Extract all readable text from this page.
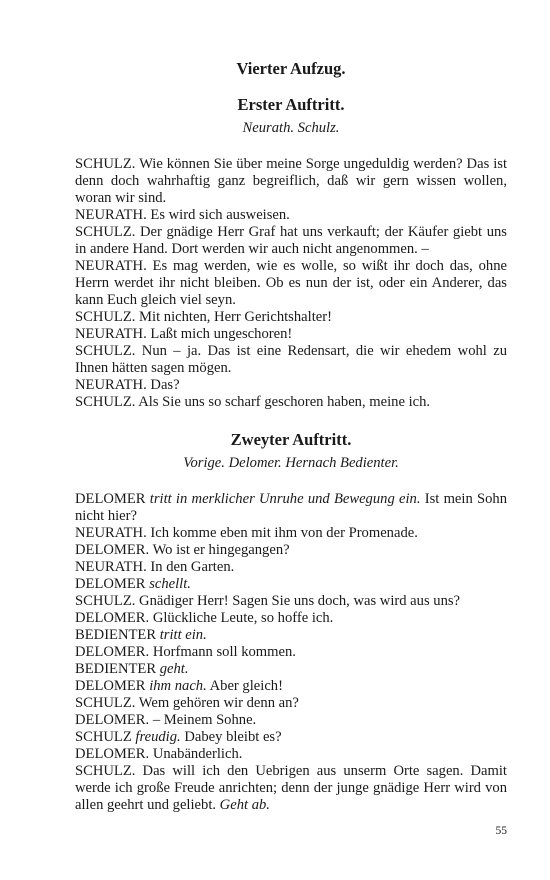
Vierter Aufzug.
Erster Auftritt.
Neurath. Schulz.

SCHULZ. Wie können Sie über meine Sorge ungeduldig werden? Das ist denn doch wahrhaftig ganz begreiflich, daß wir gern wissen wollen, woran wir sind.

NEURATH. Es wird sich ausweisen.

SCHULZ. Der gnädige Herr Graf hat uns verkauft; der Käufer giebt uns in andere Hand. Dort werden wir auch nicht angenommen. –

NEURATH. Es mag werden, wie es wolle, so wißt ihr doch das, ohne Herrn werdet ihr nicht bleiben. Ob es nun der ist, oder ein Anderer, das kann Euch gleich viel seyn.

SCHULZ. Mit nichten, Herr Gerichtshalter!

NEURATH. Laßt mich ungeschoren!

SCHULZ. Nun – ja. Das ist eine Redensart, die wir ehedem wohl zu Ihnen hätten sagen mögen.

NEURATH. Das?

SCHULZ. Als Sie uns so scharf geschoren haben, meine ich.

Zweyter Auftritt.
Vorige. Delomer. Hernach Bedienter.

DELOMER tritt in merklicher Unruhe und Bewegung ein. Ist mein Sohn nicht hier?

NEURATH. Ich komme eben mit ihm von der Promenade.

DELOMER. Wo ist er hingegangen?

NEURATH. In den Garten.

DELOMER schellt.

SCHULZ. Gnädiger Herr! Sagen Sie uns doch, was wird aus uns?

DELOMER. Glückliche Leute, so hoffe ich.

BEDIENTER tritt ein.

DELOMER. Horfmann soll kommen.

BEDIENTER geht.

DELOMER ihm nach. Aber gleich!

SCHULZ. Wem gehören wir denn an?

DELOMER. – Meinem Sohne.

SCHULZ freudig. Dabey bleibt es?

DELOMER. Unabänderlich.

SCHULZ. Das will ich den Uebrigen aus unserm Orte sagen. Damit werde ich große Freude anrichten; denn der junge gnädige Herr wird von allen geehrt und geliebt. Geht ab.

55
